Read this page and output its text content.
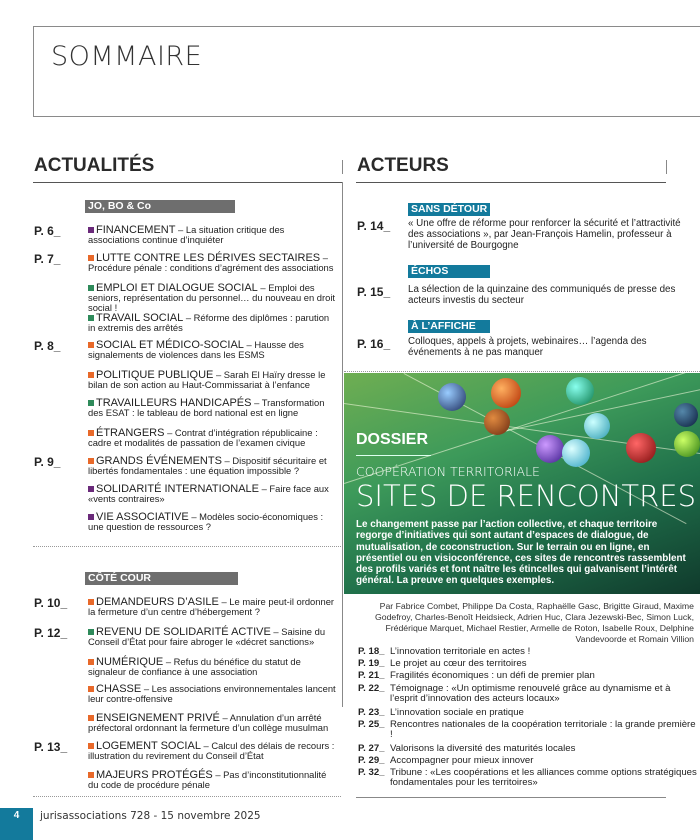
SOMMAIRE
ACTUALITÉS
JO, BO & Co
P. 6_	FINANCEMENT – La situation critique des associations continue d’inquiéter
P. 7_	LUTTE CONTRE LES DÉRIVES SECTAIRES – Procédure pénale : conditions d’agrément des associations
EMPLOI ET DIALOGUE SOCIAL – Emploi des seniors, représentation du personnel… du nouveau en droit social !
TRAVAIL SOCIAL – Réforme des diplômes : parution in extremis des arrêtés
P. 8_	SOCIAL ET MÉDICO-SOCIAL – Hausse des signalements de violences dans les ESMS
POLITIQUE PUBLIQUE – Sarah El Haïry dresse le bilan de son action au Haut-Commissariat à l’enfance
TRAVAILLEURS HANDICAPÉS – Transformation des ESAT : le tableau de bord national est en ligne
ÉTRANGERS – Contrat d’intégration républicaine : cadre et modalités de passation de l’examen civique
P. 9_	GRANDS ÉVÉNEMENTS – Dispositif sécuritaire et libertés fondamentales : une équation impossible ?
SOLIDARITÉ INTERNATIONALE – Faire face aux «vents contraires»
VIE ASSOCIATIVE – Modèles socio-économiques : une question de ressources ?
P. 10_	DEMANDEURS D’ASILE – Le maire peut-il ordonner la fermeture d’un centre d’hébergement ?
P. 12_	REVENU DE SOLIDARITÉ ACTIVE – Saisine du Conseil d’État pour faire abroger le «décret sanctions»
NUMÉRIQUE – Refus du bénéfice du statut de signaleur de confiance à une association
CHASSE – Les associations environnementales lancent leur contre-offensive
ENSEIGNEMENT PRIVÉ – Annulation d’un arrêté préfectoral ordonnant la fermeture d’un collège musulman
P. 13_	LOGEMENT SOCIAL – Calcul des délais de recours : illustration du revirement du Conseil d’État
MAJEURS PROTÉGÉS – Pas d’inconstitutionnalité du code de procédure pénale
CÔTÉ COUR
ACTEURS
SANS DÉTOUR
P. 14_ « Une offre de réforme pour renforcer la sécurité et l’attractivité des associations », par Jean-François Hamelin, professeur à l’université de Bourgogne
ÉCHOS
P. 15_ La sélection de la quinzaine des communiqués de presse des acteurs investis du secteur
À L’AFFICHE
P. 16_ Colloques, appels à projets, webinaires… l’agenda des événements à ne pas manquer
DOSSIER
COOPÉRATION TERRITORIALE
SITES DE RENCONTRES
Le changement passe par l’action collective, et chaque territoire regorge d’initiatives qui sont autant d’espaces de dialogue, de mutualisation, de coconstruction. Sur le terrain ou en ligne, en présentiel ou en visioconférence, ces sites de rencontres rassemblent des profils variés et font naître les étincelles qui galvanisent l’intérêt général. La preuve en quelques exemples.
Par Fabrice Combet, Philippe Da Costa, Raphaëlle Gasc, Brigitte Giraud, Maxime Godefroy, Charles-Benoît Heidsieck, Adrien Huc, Clara Jezewski-Bec, Simon Luck, Frédérique Marquet, Michael Restier, Armelle de Roton, Isabelle Roux, Delphine Vandevoorde et Romain Villion
P. 18_ L’innovation territoriale en actes !
P. 19_ Le projet au cœur des territoires
P. 21_ Fragilités économiques : un défi de premier plan
P. 22_ Témoignage : «Un optimisme renouvelé grâce au dynamisme et à l’esprit d’innovation des acteurs locaux»
P. 23_ L’innovation sociale en pratique
P. 25_ Rencontres nationales de la coopération territoriale : la grande première !
P. 27_ Valorisons la diversité des maturités locales
P. 29_ Accompagner pour mieux innover
P. 32_ Tribune : «Les coopérations et les alliances comme options stratégiques fondamentales pour les territoires»
4	jurisassociations 728 - 15 novembre 2025
